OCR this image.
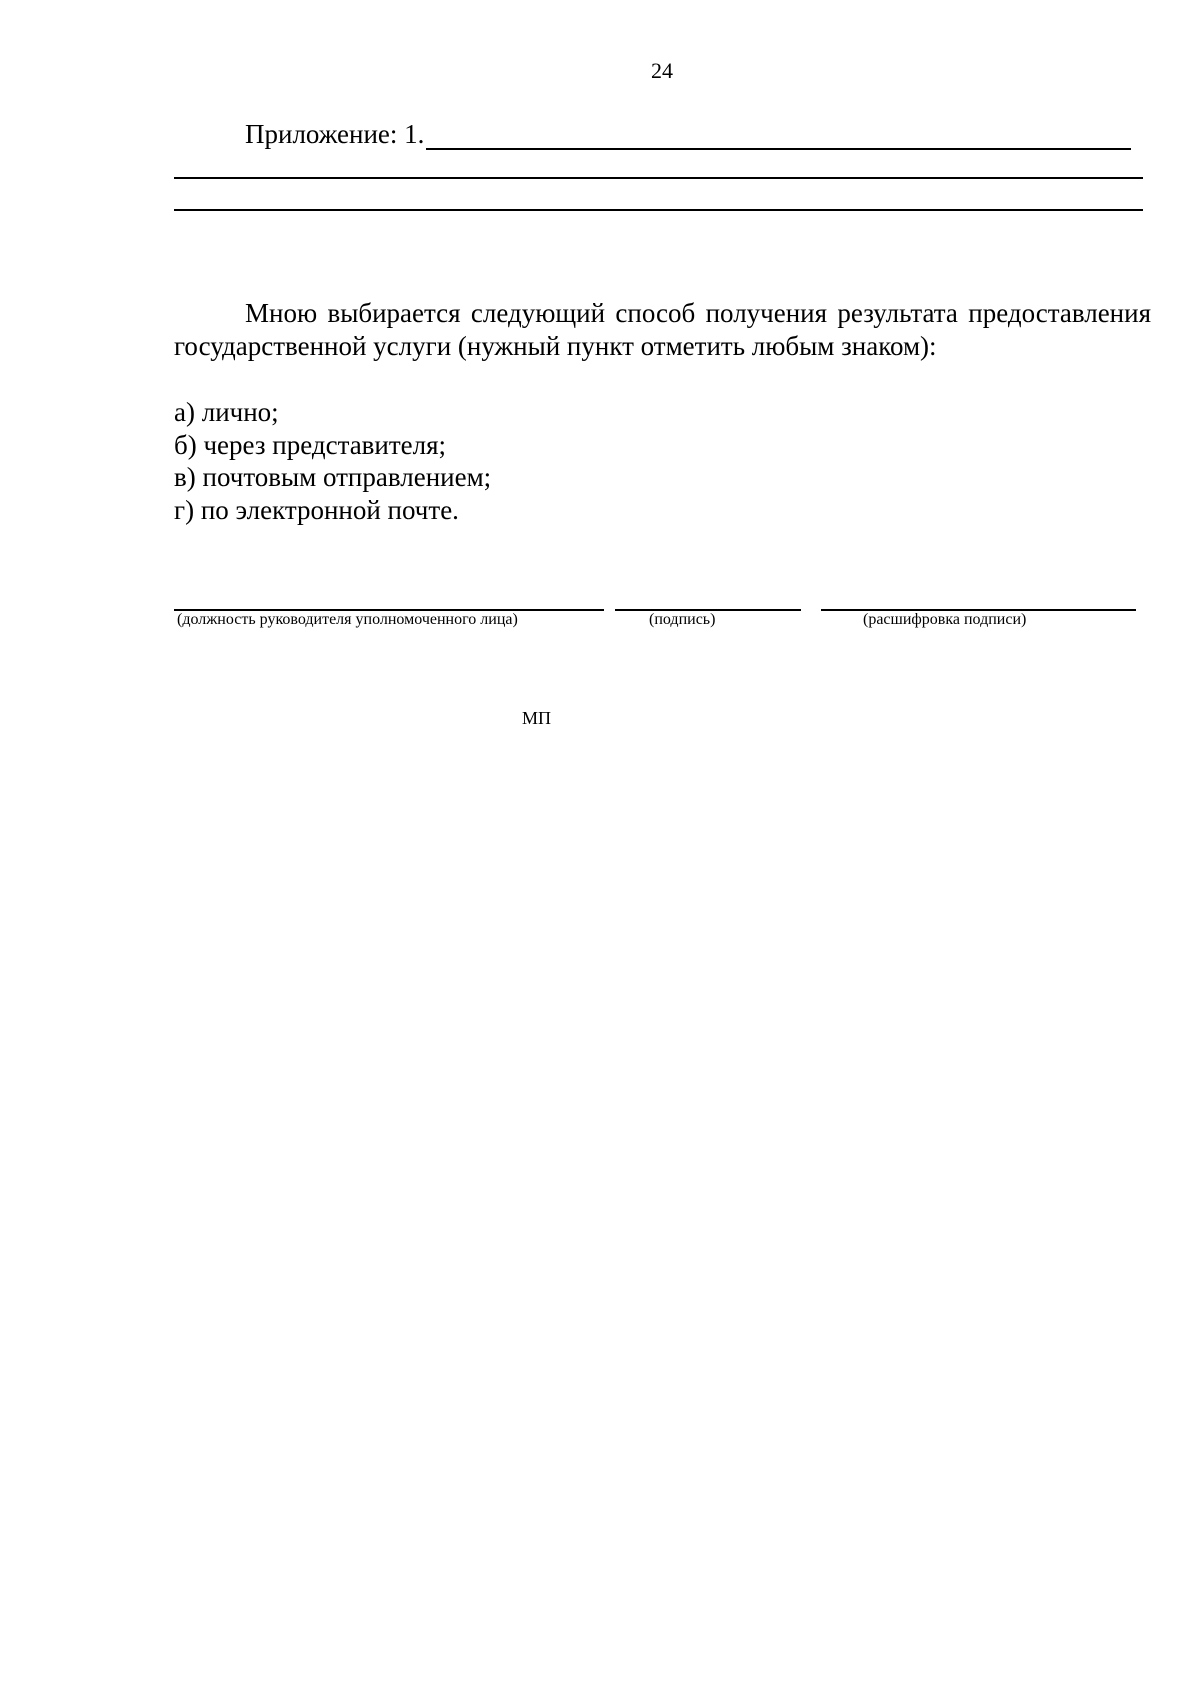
24
Приложение: 1.

Мною выбирается следующий способ получения результата предоставления государственной услуги (нужный пункт отметить любым знаком):

а) лично;
б) через представителя;
в) почтовым отправлением;
г) по электронной почте.
(должность руководителя уполномоченного лица)	(подпись)	(расшифровка подписи)
МП
